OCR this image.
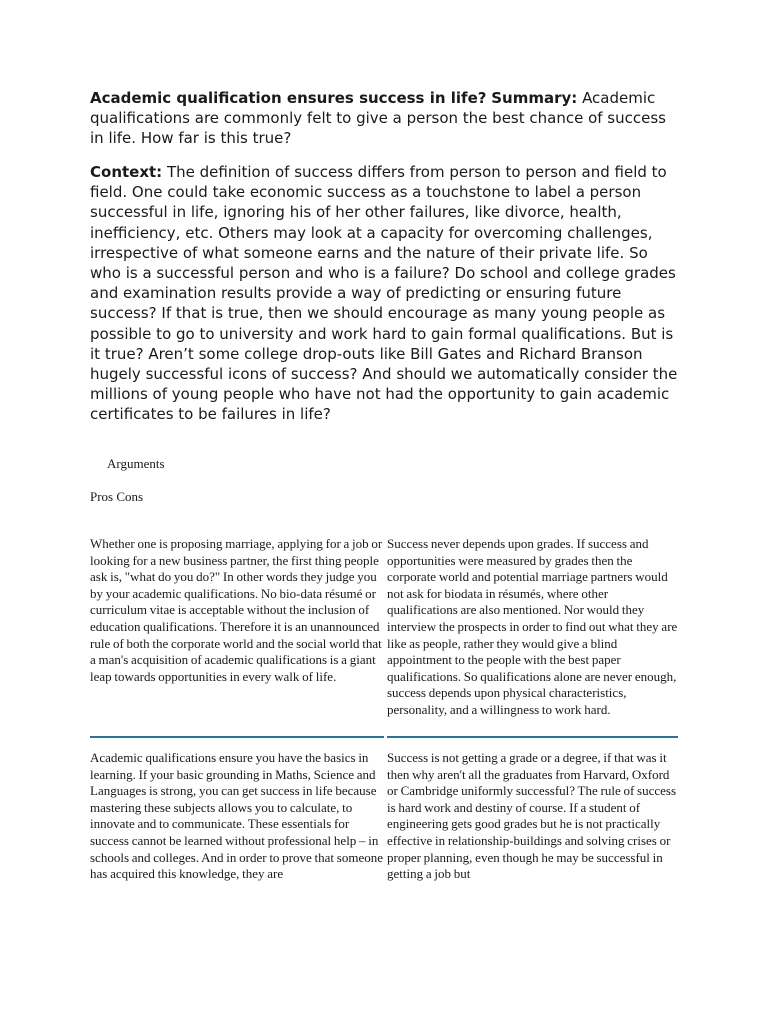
Academic qualification ensures success in life? Summary: Academic qualifications are commonly felt to give a person the best chance of success in life. How far is this true?

Context: The definition of success differs from person to person and field to field. One could take economic success as a touchstone to label a person successful in life, ignoring his of her other failures, like divorce, health, inefficiency, etc. Others may look at a capacity for overcoming challenges, irrespective of what someone earns and the nature of their private life. So who is a successful person and who is a failure? Do school and college grades and examination results provide a way of predicting or ensuring future success? If that is true, then we should encourage as many young people as possible to go to university and work hard to gain formal qualifications. But is it true? Aren’t some college drop-outs like Bill Gates and Richard Branson hugely successful icons of success? And should we automatically consider the millions of young people who have not had the opportunity to gain academic certificates to be failures in life?

Arguments
Pros Cons

Whether one is proposing marriage, applying for a job or looking for a new business partner, the first thing people ask is, "what do you do?" In other words they judge you by your academic qualifications. No bio-data résumé or curriculum vitae is acceptable without the inclusion of education qualifications. Therefore it is an unannounced rule of both the corporate world and the social world that a man's acquisition of academic qualifications is a giant leap towards opportunities in every walk of life.

Success never depends upon grades. If success and opportunities were measured by grades then the corporate world and potential marriage partners would not ask for biodata in résumés, where other qualifications are also mentioned. Nor would they interview the prospects in order to find out what they are like as people, rather they would give a blind appointment to the people with the best paper qualifications. So qualifications alone are never enough, success depends upon physical characteristics, personality, and a willingness to work hard.

Academic qualifications ensure you have the basics in learning. If your basic grounding in Maths, Science and Languages is strong, you can get success in life because mastering these subjects allows you to calculate, to innovate and to communicate. These essentials for success cannot be learned without professional help – in schools and colleges. And in order to prove that someone has acquired this knowledge, they are

Success is not getting a grade or a degree, if that was it then why aren't all the graduates from Harvard, Oxford or Cambridge uniformly successful? The rule of success is hard work and destiny of course. If a student of engineering gets good grades but he is not practically effective in relationship-buildings and solving crises or proper planning, even though he may be successful in getting a job but
